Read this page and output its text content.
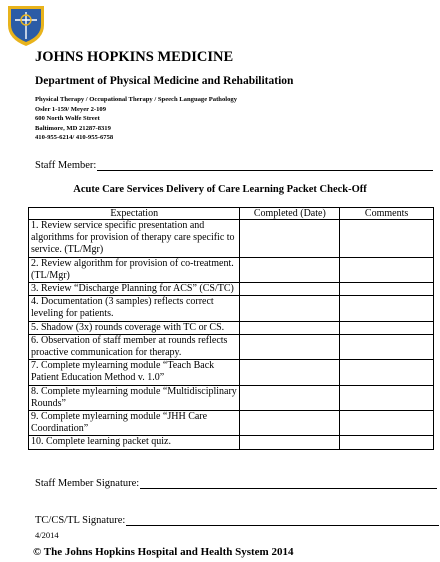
JOHNS HOPKINS MEDICINE
Department of Physical Medicine and Rehabilitation
Physical Therapy / Occupational Therapy / Speech Language Pathology
Osler 1-159/ Meyer 2-109
600 North Wolfe Street
Baltimore, MD 21287-8319
410-955-6214/ 410-955-6758
Staff Member:
Acute Care Services Delivery of Care Learning Packet Check-Off
Expectation	Completed (Date)	Comments
1. Review service specific presentation and algorithms for provision of therapy care specific to service. (TL/Mgr)		
2. Review algorithm for provision of co-treatment. (TL/Mgr)		
3. Review “Discharge Planning for ACS” (CS/TC)		
4. Documentation (3 samples) reflects correct leveling for patients.		
5. Shadow (3x) rounds coverage with TC or CS.		
6. Observation of staff member at rounds reflects proactive communication for therapy.		
7. Complete mylearning module “Teach Back Patient Education Method v. 1.0”		
8. Complete mylearning module “Multidisciplinary Rounds”		
9. Complete mylearning module “JHH Care Coordination”		
10. Complete learning packet quiz.		
Staff Member Signature:
TC/CS/TL Signature:
4/2014
© The Johns Hopkins Hospital and Health System 2014
